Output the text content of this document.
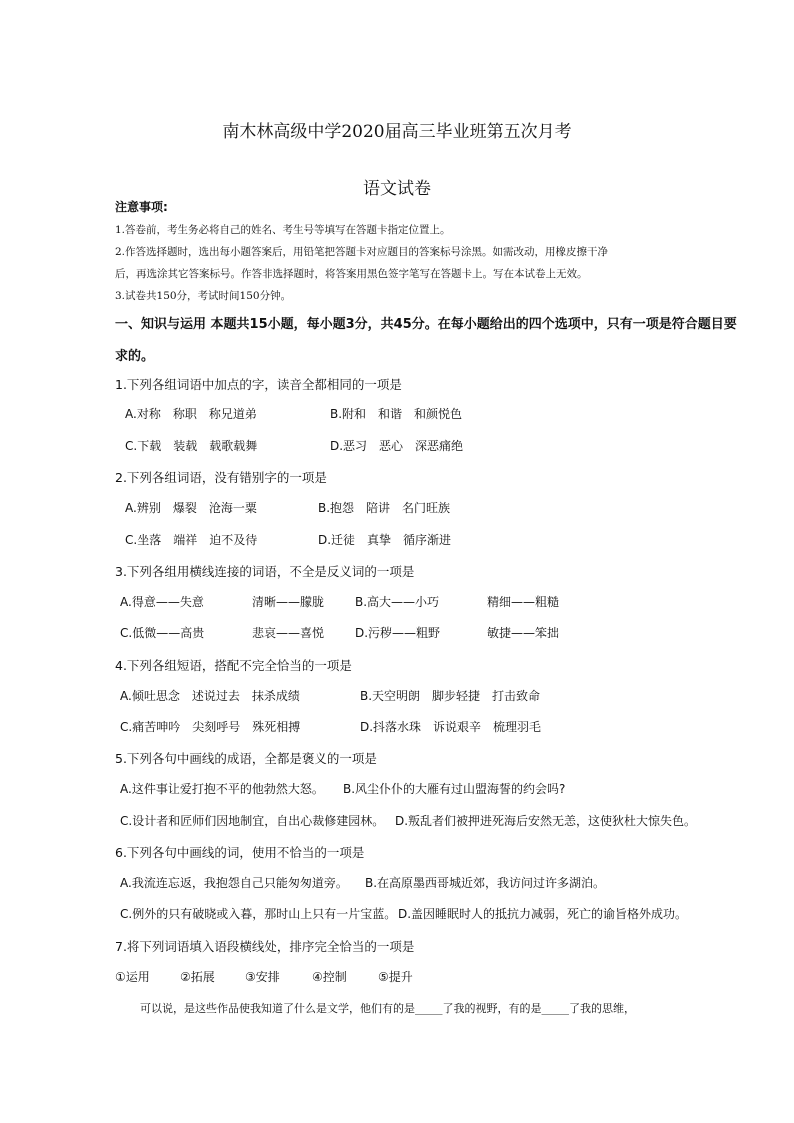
南木林高级中学2020届高三毕业班第五次月考
语文试卷
注意事项:
1.答卷前，考生务必将自己的姓名、考生号等填写在答题卡指定位置上。
2.作答选择题时，选出每小题答案后，用铅笔把答题卡对应题目的答案标号涂黑。如需改动，用橡皮擦干净
后，再选涂其它答案标号。作答非选择题时，将答案用黑色签字笔写在答题卡上。写在本试卷上无效。
3.试卷共150分，考试时间150分钟。
一、知识与运用 本题共15小题，每小题3分，共45分。在每小题给出的四个选项中，只有一项是符合题目要
求的。
1.下列各组词语中加点的字，读音全都相同的一项是
A.对称　称职　称兄道弟	B.附和　和谐　和颜悦色
C.下载　装载　载歌载舞	D.恶习　恶心　深恶痛绝
2.下列各组词语，没有错别字的一项是
A.辨别　爆裂　沧海一粟	B.抱怨　陪讲　名门旺族
C.坐落　端祥　迫不及待	D.迁徒　真挚　循序渐进
3.下列各组用横线连接的词语，不全是反义词的一项是
A.得意——失意	清晰——朦胧	B.高大——小巧	精细——粗糙
C.低微——高贵	悲哀——喜悦	D.污秽——粗野	敏捷——笨拙
4.下列各组短语，搭配不完全恰当的一项是
A.倾吐思念　述说过去　抹杀成绩	B.天空明朗　脚步轻捷　打击致命
C.痛苦呻吟　尖刻呼号　殊死相搏	D.抖落水珠　诉说艰辛　梳理羽毛
5.下列各句中画线的成语，全都是褒义的一项是
A.这件事让爱打抱不平的他勃然大怒。 B.风尘仆仆的大雁有过山盟海誓的约会吗?
C.设计者和匠师们因地制宜，自出心裁修建园林。 D.叛乱者们被押进死海后安然无恙，这使狄杜大惊失色。
6.下列各句中画线的词，使用不恰当的一项是
A.我流连忘返，我抱怨自己只能匆匆道旁。 B.在高原墨西哥城近郊，我访问过许多湖泊。
C.例外的只有破晓或入暮，那时山上只有一片宝蓝。 D.盖因睡眠时人的抵抗力减弱，死亡的谕旨格外成功。
7.将下列词语填入语段横线处，排序完全恰当的一项是
①运用	②拓展	③安排	④控制	⑤提升
可以说，是这些作品使我知道了什么是文学，他们有的是_____了我的视野，有的是_____了我的思维，
